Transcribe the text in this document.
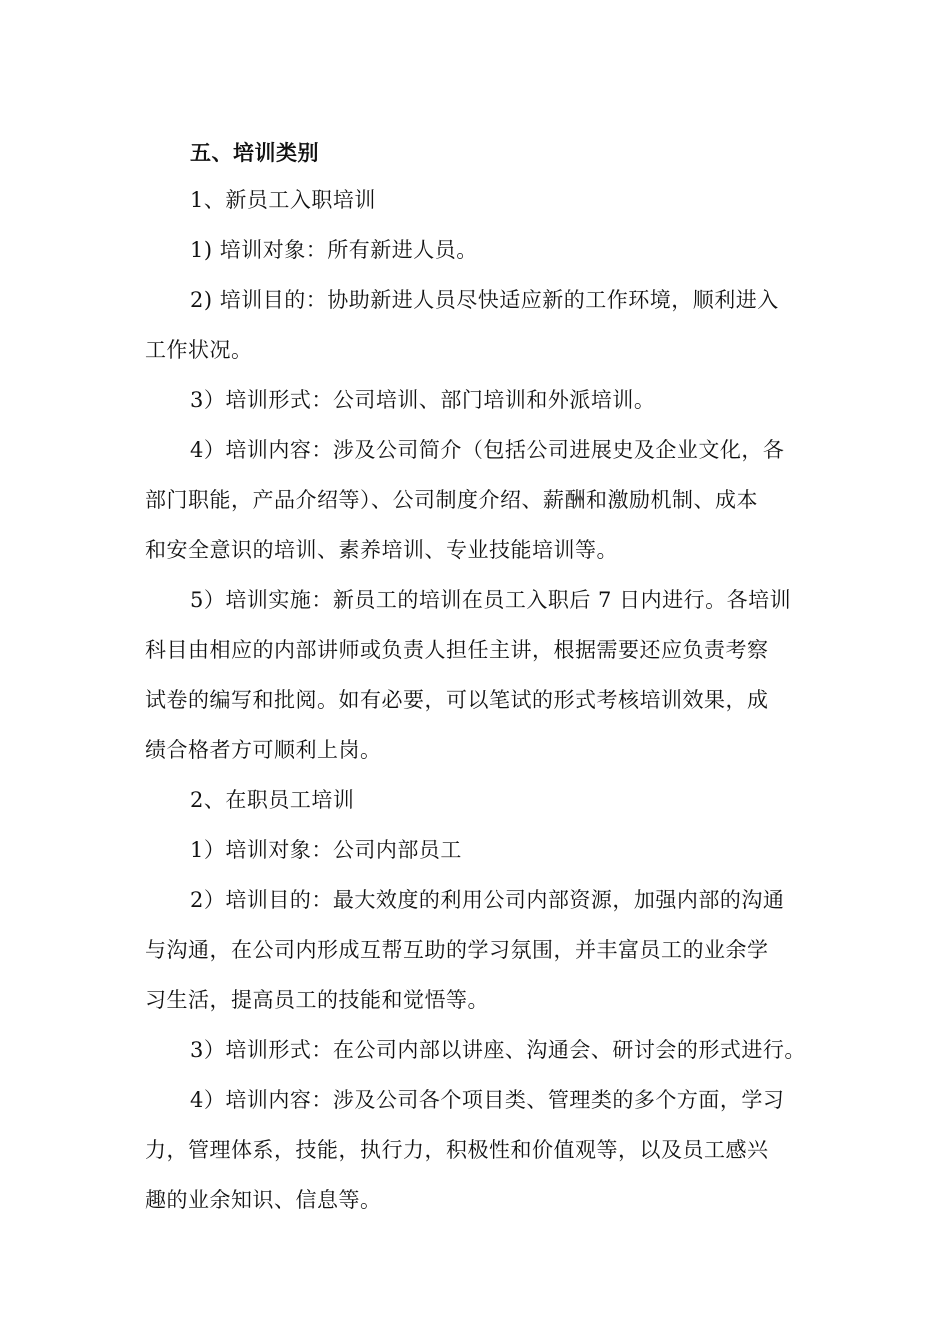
五、培训类别
1、新员工入职培训
1) 培训对象：所有新进人员。
2) 培训目的：协助新进人员尽快适应新的工作环境，顺利进入
工作状况。
3）培训形式：公司培训、部门培训和外派培训。
4）培训内容：涉及公司简介（包括公司进展史及企业文化，各
部门职能，产品介绍等）、公司制度介绍、薪酬和激励机制、成本
和安全意识的培训、素养培训、专业技能培训等。
5）培训实施：新员工的培训在员工入职后 7 日内进行。各培训
科目由相应的内部讲师或负责人担任主讲，根据需要还应负责考察
试卷的编写和批阅。如有必要，可以笔试的形式考核培训效果，成
绩合格者方可顺利上岗。
2、在职员工培训
1）培训对象：公司内部员工
2）培训目的：最大效度的利用公司内部资源，加强内部的沟通
与沟通，在公司内形成互帮互助的学习氛围，并丰富员工的业余学
习生活，提高员工的技能和觉悟等。
3）培训形式：在公司内部以讲座、沟通会、研讨会的形式进行。
4）培训内容：涉及公司各个项目类、管理类的多个方面，学习
力，管理体系，技能，执行力，积极性和价值观等，以及员工感兴
趣的业余知识、信息等。
